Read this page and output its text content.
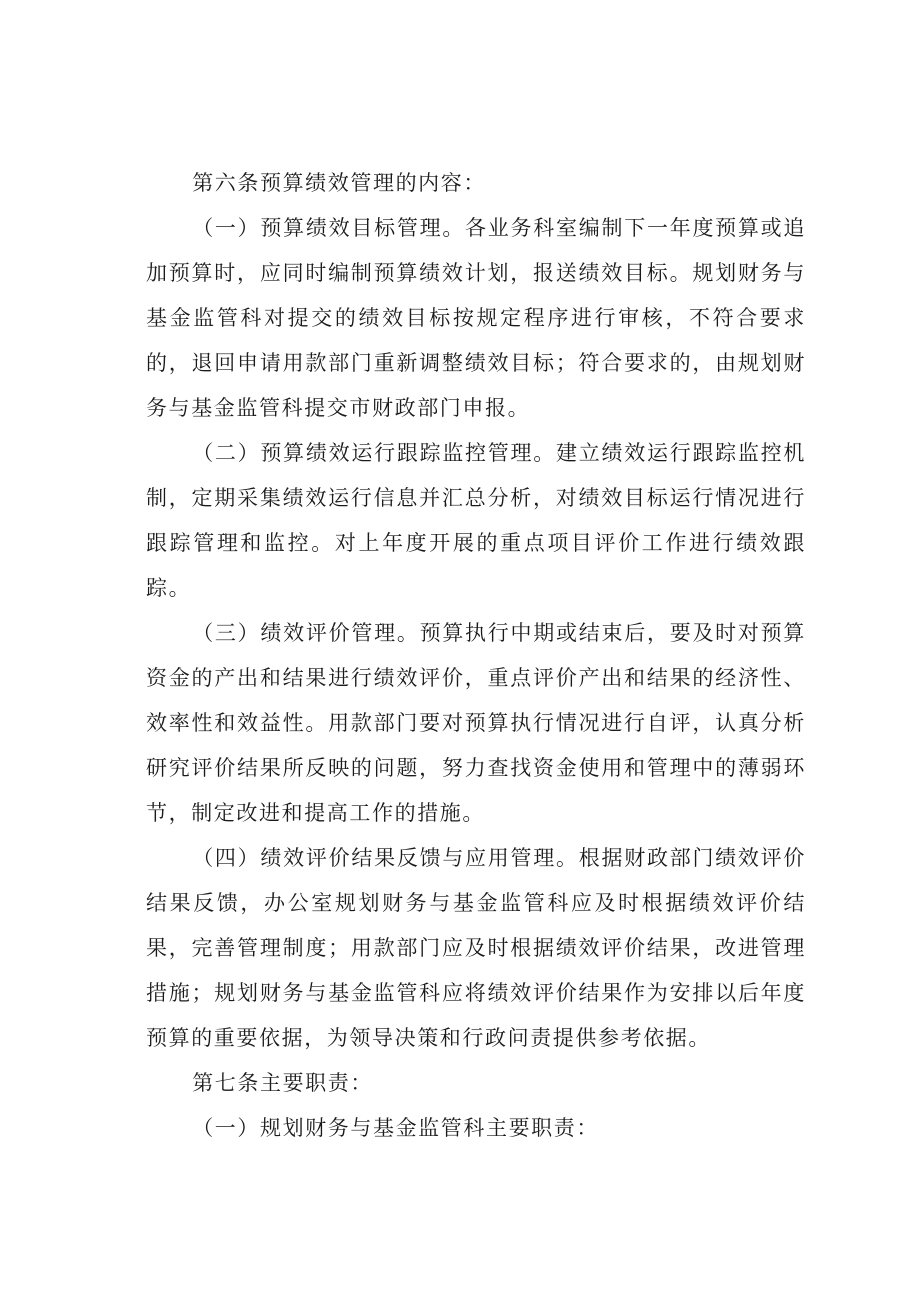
第六条预算绩效管理的内容：

（一）预算绩效目标管理。各业务科室编制下一年度预算或追加预算时，应同时编制预算绩效计划，报送绩效目标。规划财务与基金监管科对提交的绩效目标按规定程序进行审核，不符合要求的，退回申请用款部门重新调整绩效目标；符合要求的，由规划财务与基金监管科提交市财政部门申报。

（二）预算绩效运行跟踪监控管理。建立绩效运行跟踪监控机制，定期采集绩效运行信息并汇总分析，对绩效目标运行情况进行跟踪管理和监控。对上年度开展的重点项目评价工作进行绩效跟踪。

（三）绩效评价管理。预算执行中期或结束后，要及时对预算资金的产出和结果进行绩效评价，重点评价产出和结果的经济性、效率性和效益性。用款部门要对预算执行情况进行自评，认真分析研究评价结果所反映的问题，努力查找资金使用和管理中的薄弱环节，制定改进和提高工作的措施。

（四）绩效评价结果反馈与应用管理。根据财政部门绩效评价结果反馈，办公室规划财务与基金监管科应及时根据绩效评价结果，完善管理制度；用款部门应及时根据绩效评价结果，改进管理措施；规划财务与基金监管科应将绩效评价结果作为安排以后年度预算的重要依据，为领导决策和行政问责提供参考依据。

第七条主要职责：

（一）规划财务与基金监管科主要职责：
